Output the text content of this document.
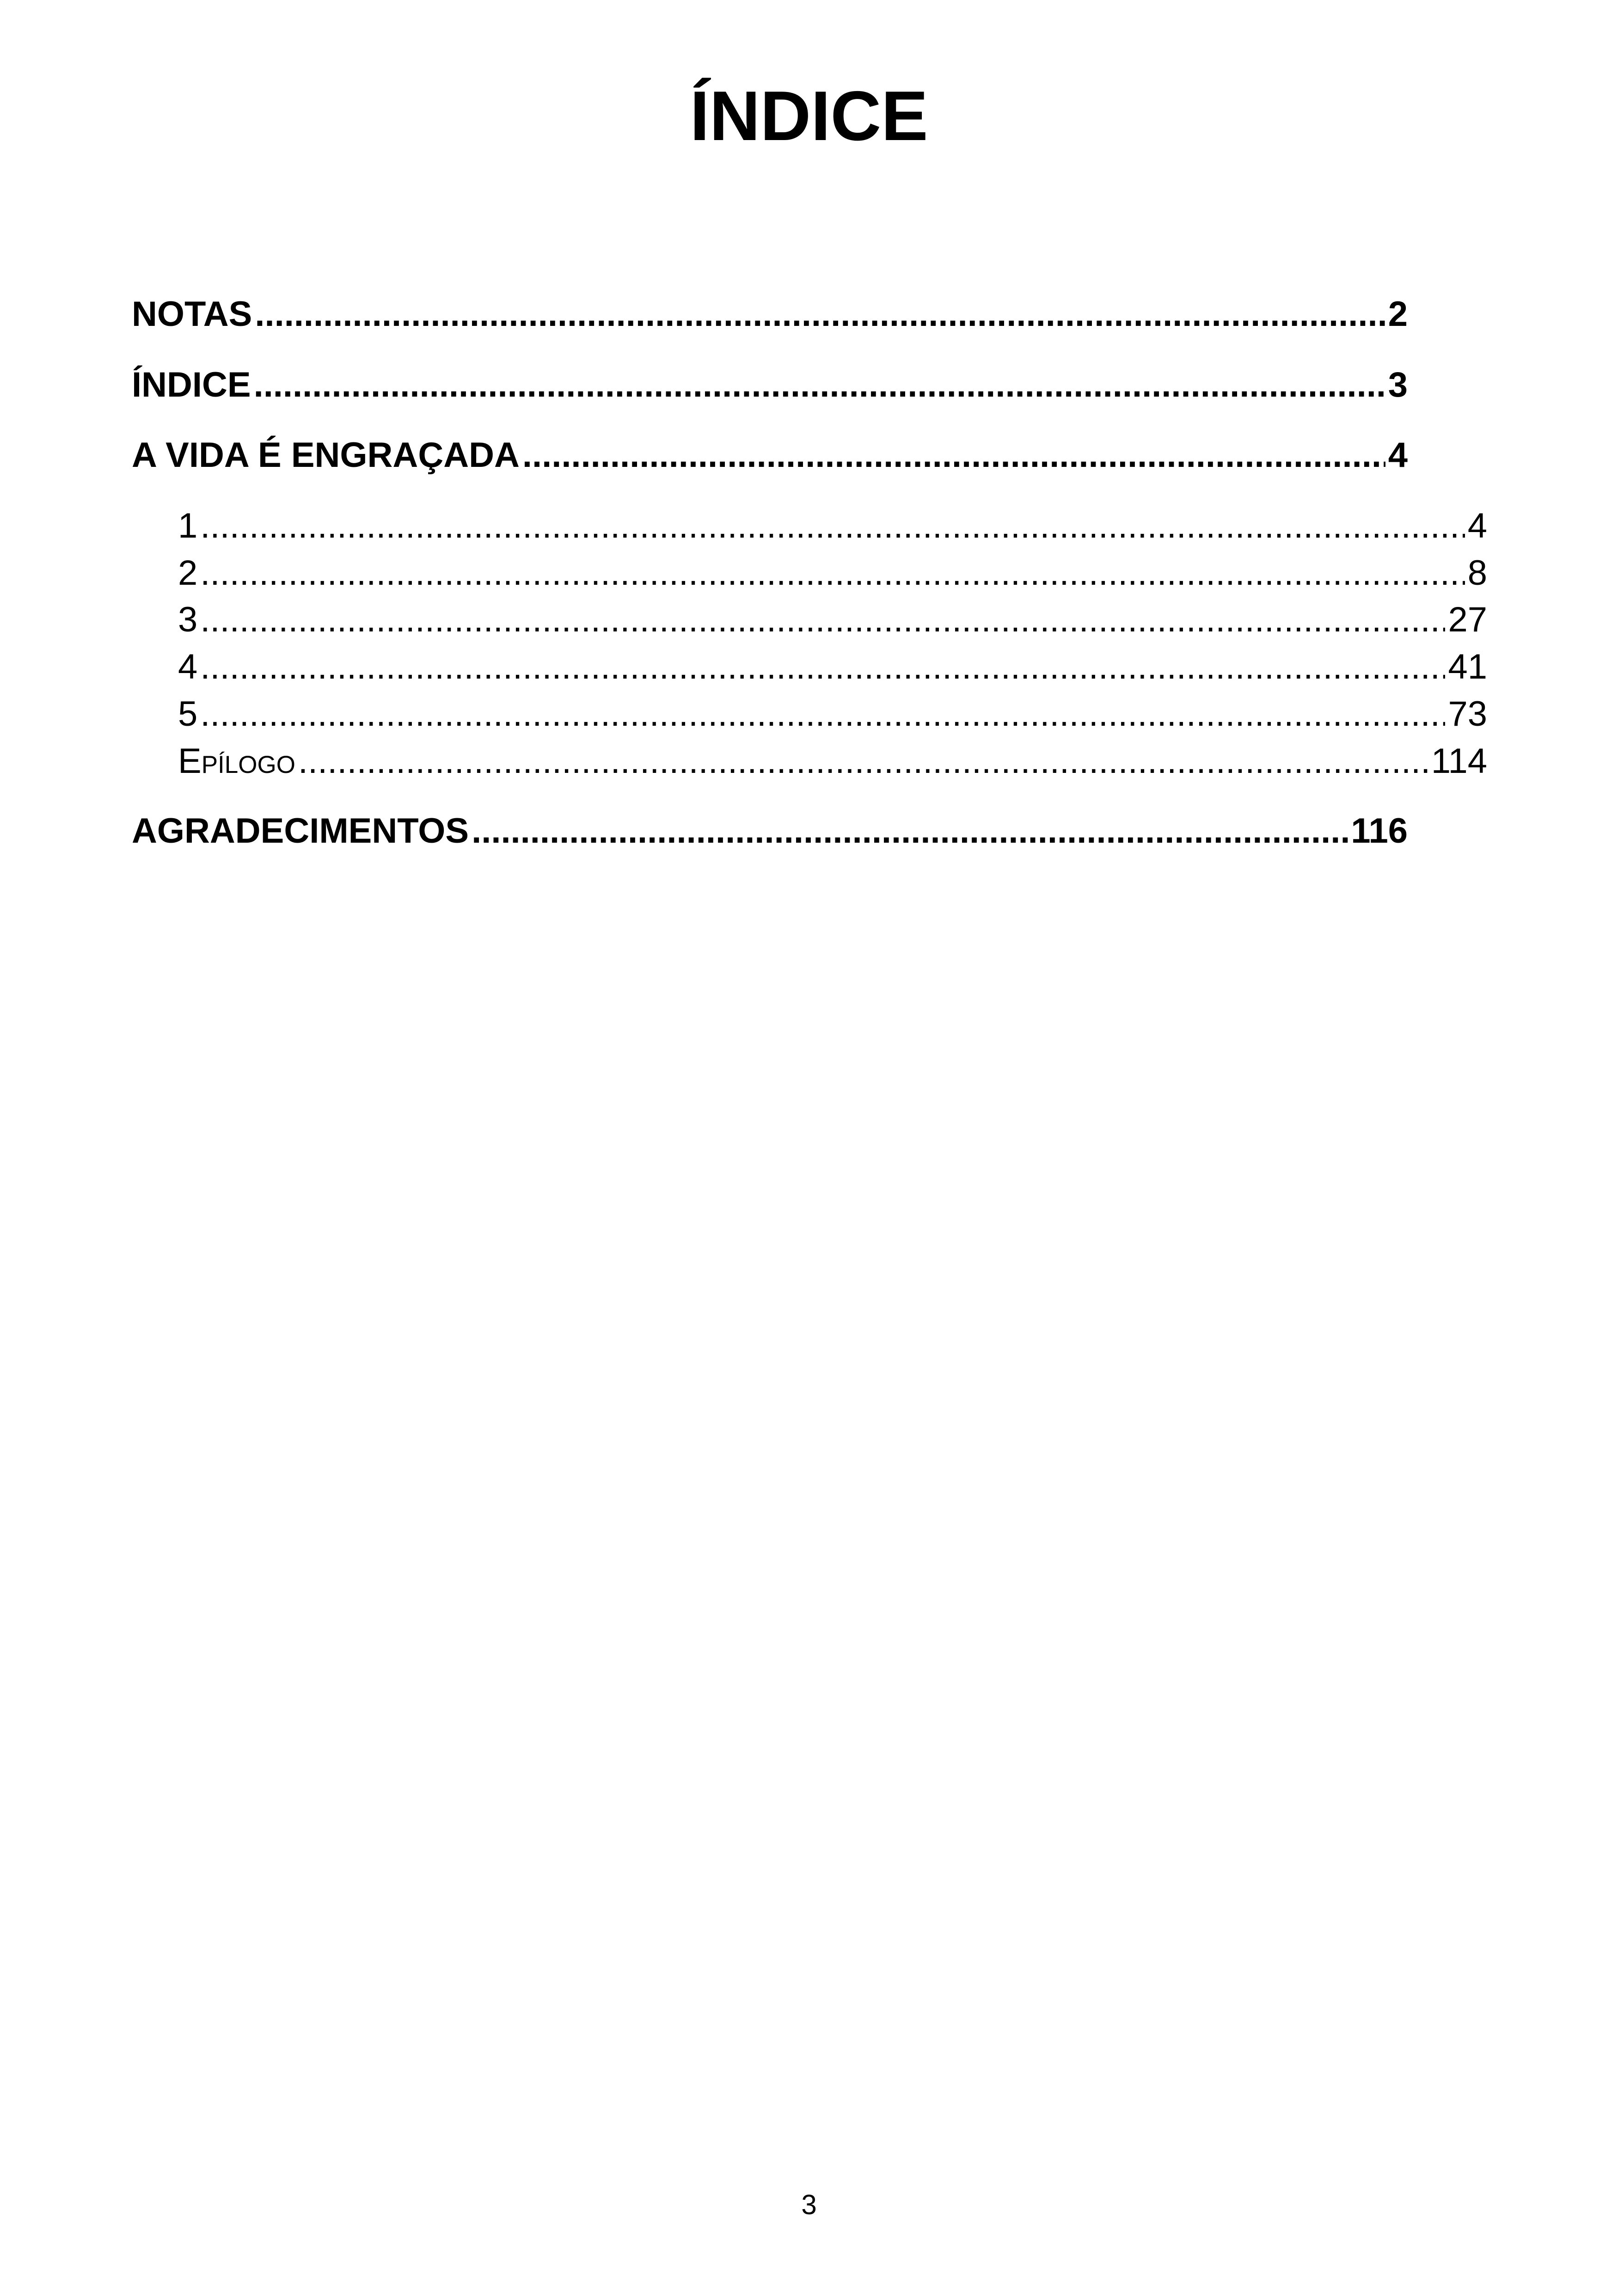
ÍNDICE
NOTAS .....	2
ÍNDICE .....	3
A VIDA É ENGRAÇADA .....	4
1 .....	4
2 .....	8
3 .....	27
4 .....	41
5 .....	73
Epílogo .....	114
AGRADECIMENTOS .....	116
3
